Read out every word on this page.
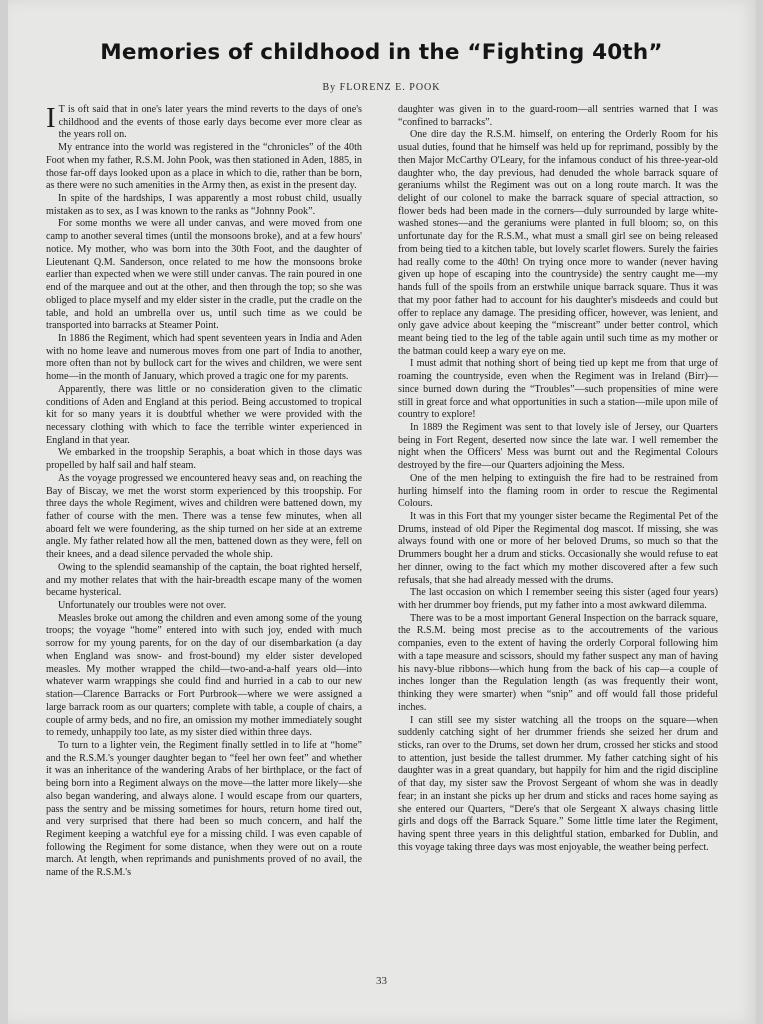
Memories of childhood in the “Fighting 40th”
By FLORENZ E. POOK

I T is oft said that in one's later years the mind reverts to the days of one's childhood and the events of those early days become ever more clear as the years roll on.

My entrance into the world was registered in the “chronicles” of the 40th Foot when my father, R.S.M. John Pook, was then stationed in Aden, 1885, in those far-off days looked upon as a place in which to die, rather than be born, as there were no such amenities in the Army then, as exist in the present day.

In spite of the hardships, I was apparently a most robust child, usually mistaken as to sex, as I was known to the ranks as “Johnny Pook”.

For some months we were all under canvas, and were moved from one camp to another several times (until the monsoons broke), and at a few hours' notice. My mother, who was born into the 30th Foot, and the daughter of Lieutenant Q.M. Sanderson, once related to me how the monsoons broke earlier than expected when we were still under canvas. The rain poured in one end of the marquee and out at the other, and then through the top; so she was obliged to place myself and my elder sister in the cradle, put the cradle on the table, and hold an umbrella over us, until such time as we could be transported into barracks at Steamer Point.

In 1886 the Regiment, which had spent seventeen years in India and Aden with no home leave and numerous moves from one part of India to another, more often than not by bullock cart for the wives and children, we were sent home—in the month of January, which proved a tragic one for my parents.

Apparently, there was little or no consideration given to the climatic conditions of Aden and England at this period. Being accustomed to tropical kit for so many years it is doubtful whether we were provided with the necessary clothing with which to face the terrible winter experienced in England in that year.

We embarked in the troopship Seraphis, a boat which in those days was propelled by half sail and half steam.

As the voyage progressed we encountered heavy seas and, on reaching the Bay of Biscay, we met the worst storm experienced by this troopship. For three days the whole Regiment, wives and children were battened down, my father of course with the men. There was a tense few minutes, when all aboard felt we were foundering, as the ship turned on her side at an extreme angle. My father related how all the men, battened down as they were, fell on their knees, and a dead silence pervaded the whole ship.

Owing to the splendid seamanship of the captain, the boat righted herself, and my mother relates that with the hair-breadth escape many of the women became hysterical.

Unfortunately our troubles were not over.

Measles broke out among the children and even among some of the young troops; the voyage “home” entered into with such joy, ended with much sorrow for my young parents, for on the day of our disembarkation (a day when England was snow- and frost-bound) my elder sister developed measles. My mother wrapped the child—two-and-a-half years old—into whatever warm wrappings she could find and hurried in a cab to our new station—Clarence Barracks or Fort Purbrook—where we were assigned a large barrack room as our quarters; complete with table, a couple of chairs, a couple of army beds, and no fire, an omission my mother immediately sought to remedy, unhappily too late, as my sister died within three days.

To turn to a lighter vein, the Regiment finally settled in to life at “home” and the R.S.M.'s younger daughter began to “feel her own feet” and whether it was an inheritance of the wandering Arabs of her birthplace, or the fact of being born into a Regiment always on the move—the latter more likely—she also began wandering, and always alone. I would escape from our quarters, pass the sentry and be missing sometimes for hours, return home tired out, and very surprised that there had been so much concern, and half the Regiment keeping a watchful eye for a missing child. I was even capable of following the Regiment for some distance, when they were out on a route march. At length, when reprimands and punishments proved of no avail, the name of the R.S.M.'s

daughter was given in to the guard-room—all sentries warned that I was “confined to barracks”.

One dire day the R.S.M. himself, on entering the Orderly Room for his usual duties, found that he himself was held up for reprimand, possibly by the then Major McCarthy O'Leary, for the infamous conduct of his three-year-old daughter who, the day previous, had denuded the whole barrack square of geraniums whilst the Regiment was out on a long route march. It was the delight of our colonel to make the barrack square of special attraction, so flower beds had been made in the corners—duly surrounded by large white-washed stones—and the geraniums were planted in full bloom; so, on this unfortunate day for the R.S.M., what must a small girl see on being released from being tied to a kitchen table, but lovely scarlet flowers. Surely the fairies had really come to the 40th! On trying once more to wander (never having given up hope of escaping into the countryside) the sentry caught me—my hands full of the spoils from an erstwhile unique barrack square. Thus it was that my poor father had to account for his daughter's misdeeds and could but offer to replace any damage. The presiding officer, however, was lenient, and only gave advice about keeping the “miscreant” under better control, which meant being tied to the leg of the table again until such time as my mother or the batman could keep a wary eye on me.

I must admit that nothing short of being tied up kept me from that urge of roaming the countryside, even when the Regiment was in Ireland (Birr)—since burned down during the “Troubles”—such propensities of mine were still in great force and what opportunities in such a station—mile upon mile of country to explore!

In 1889 the Regiment was sent to that lovely isle of Jersey, our Quarters being in Fort Regent, deserted now since the late war. I well remember the night when the Officers' Mess was burnt out and the Regimental Colours destroyed by the fire—our Quarters adjoining the Mess.

One of the men helping to extinguish the fire had to be restrained from hurling himself into the flaming room in order to rescue the Regimental Colours.

It was in this Fort that my younger sister became the Regimental Pet of the Drums, instead of old Piper the Regimental dog mascot. If missing, she was always found with one or more of her beloved Drums, so much so that the Drummers bought her a drum and sticks. Occasionally she would refuse to eat her dinner, owing to the fact which my mother discovered after a few such refusals, that she had already messed with the drums.

The last occasion on which I remember seeing this sister (aged four years) with her drummer boy friends, put my father into a most awkward dilemma.

There was to be a most important General Inspection on the barrack square, the R.S.M. being most precise as to the accoutrements of the various companies, even to the extent of having the orderly Corporal following him with a tape measure and scissors, should my father suspect any man of having his navy-blue ribbons—which hung from the back of his cap—a couple of inches longer than the Regulation length (as was frequently their wont, thinking they were smarter) when “snip” and off would fall those prideful inches.

I can still see my sister watching all the troops on the square—when suddenly catching sight of her drummer friends she seized her drum and sticks, ran over to the Drums, set down her drum, crossed her sticks and stood to attention, just beside the tallest drummer. My father catching sight of his daughter was in a great quandary, but happily for him and the rigid discipline of that day, my sister saw the Provost Sergeant of whom she was in deadly fear; in an instant she picks up her drum and sticks and races home saying as she entered our Quarters, “Dere's that ole Sergeant X always chasing little girls and dogs off the Barrack Square.” Some little time later the Regiment, having spent three years in this delightful station, embarked for Dublin, and this voyage taking three days was most enjoyable, the weather being perfect.

33
